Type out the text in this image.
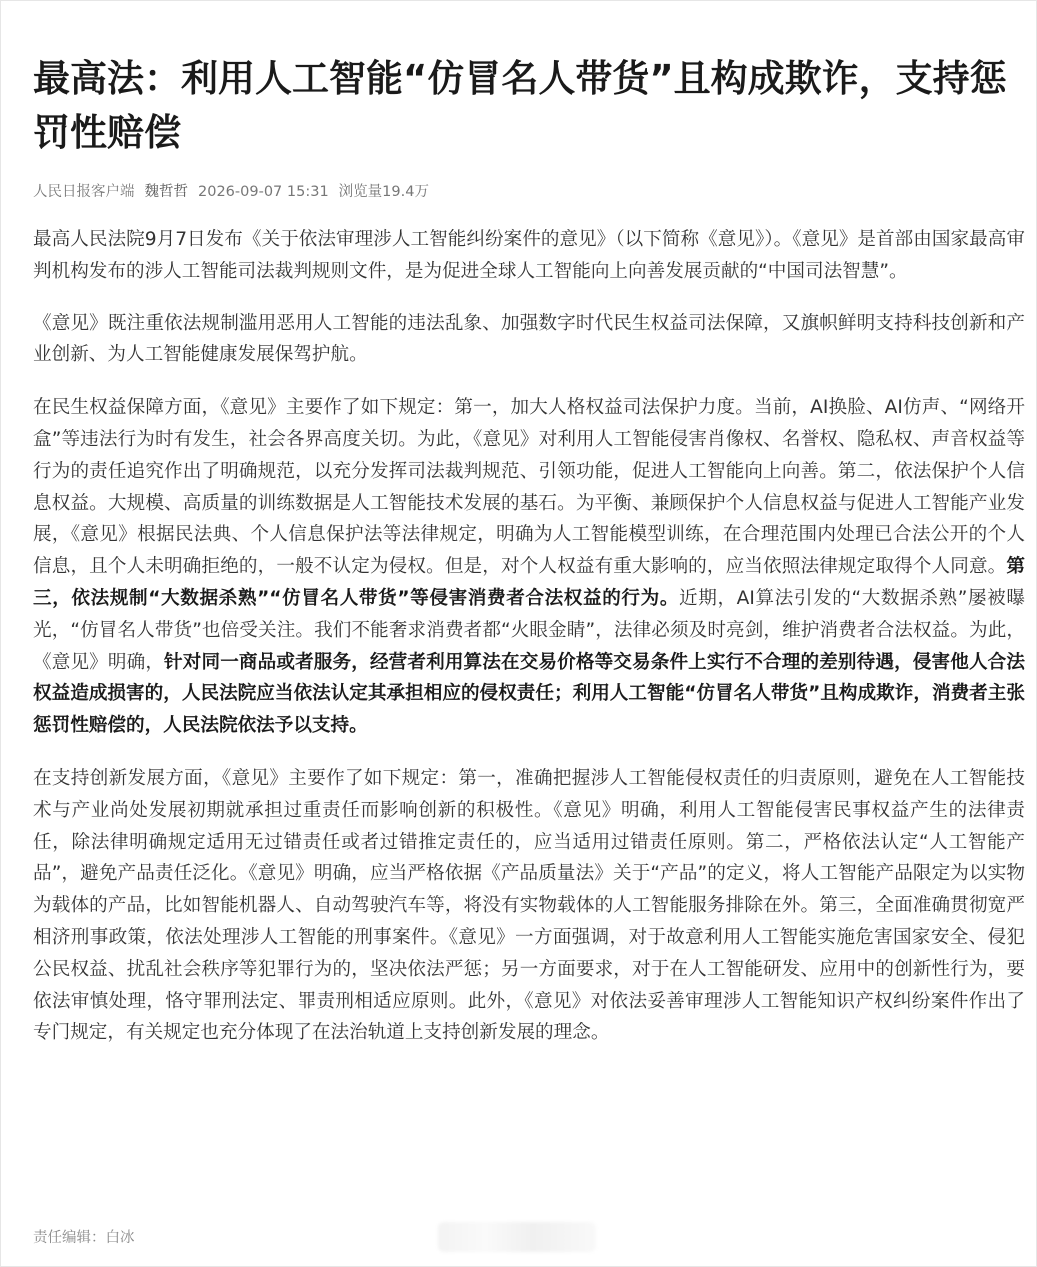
最高法：利用人工智能“仿冒名人带货”且构成欺诈，支持惩罚性赔偿
人民日报客户端 魏哲哲 2026-09-07 15:31 浏览量19.4万

最高人民法院9月7日发布《关于依法审理涉人工智能纠纷案件的意见》（以下简称《意见》）。《意见》是首部由国家最高审判机构发布的涉人工智能司法裁判规则文件，是为促进全球人工智能向上向善发展贡献的“中国司法智慧”。

《意见》既注重依法规制滥用恶用人工智能的违法乱象、加强数字时代民生权益司法保障，又旗帜鲜明支持科技创新和产业创新、为人工智能健康发展保驾护航。

在民生权益保障方面，《意见》主要作了如下规定：第一，加大人格权益司法保护力度。当前，AI换脸、AI仿声、“网络开盒”等违法行为时有发生，社会各界高度关切。为此，《意见》对利用人工智能侵害肖像权、名誉权、隐私权、声音权益等行为的责任追究作出了明确规范，以充分发挥司法裁判规范、引领功能，促进人工智能向上向善。第二，依法保护个人信息权益。大规模、高质量的训练数据是人工智能技术发展的基石。为平衡、兼顾保护个人信息权益与促进人工智能产业发展，《意见》根据民法典、个人信息保护法等法律规定，明确为人工智能模型训练，在合理范围内处理已合法公开的个人信息，且个人未明确拒绝的，一般不认定为侵权。但是，对个人权益有重大影响的，应当依照法律规定取得个人同意。第三，依法规制“大数据杀熟”“仿冒名人带货”等侵害消费者合法权益的行为。近期，AI算法引发的“大数据杀熟”屡被曝光，“仿冒名人带货”也倍受关注。我们不能奢求消费者都“火眼金睛”，法律必须及时亮剑，维护消费者合法权益。为此，《意见》明确，针对同一商品或者服务，经营者利用算法在交易价格等交易条件上实行不合理的差别待遇，侵害他人合法权益造成损害的，人民法院应当依法认定其承担相应的侵权责任；利用人工智能“仿冒名人带货”且构成欺诈，消费者主张惩罚性赔偿的，人民法院依法予以支持。

在支持创新发展方面，《意见》主要作了如下规定：第一，准确把握涉人工智能侵权责任的归责原则，避免在人工智能技术与产业尚处发展初期就承担过重责任而影响创新的积极性。《意见》明确，利用人工智能侵害民事权益产生的法律责任，除法律明确规定适用无过错责任或者过错推定责任的，应当适用过错责任原则。第二，严格依法认定“人工智能产品”，避免产品责任泛化。《意见》明确，应当严格依据《产品质量法》关于“产品”的定义，将人工智能产品限定为以实物为载体的产品，比如智能机器人、自动驾驶汽车等，将没有实物载体的人工智能服务排除在外。第三，全面准确贯彻宽严相济刑事政策，依法处理涉人工智能的刑事案件。《意见》一方面强调，对于故意利用人工智能实施危害国家安全、侵犯公民权益、扰乱社会秩序等犯罪行为的，坚决依法严惩；另一方面要求，对于在人工智能研发、应用中的创新性行为，要依法审慎处理，恪守罪刑法定、罪责刑相适应原则。此外，《意见》对依法妥善审理涉人工智能知识产权纠纷案件作出了专门规定，有关规定也充分体现了在法治轨道上支持创新发展的理念。

责任编辑：白冰
